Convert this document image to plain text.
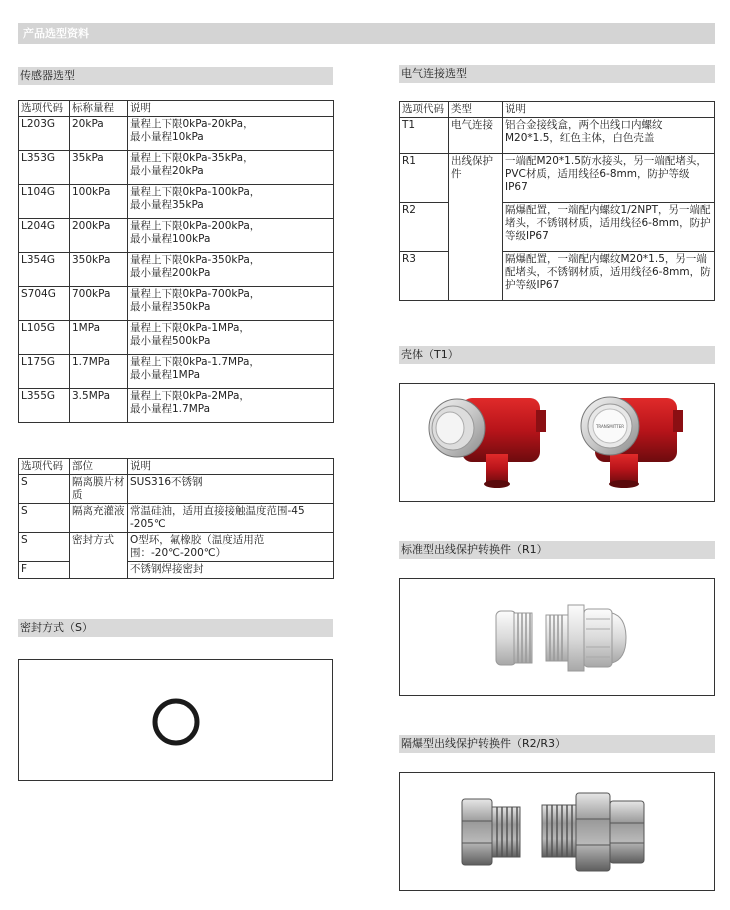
产品选型资料
传感器选型
选项代码	标称量程	说明
L203G	20kPa	量程上下限0kPa-20kPa，
最小量程10kPa

L353G	35kPa	量程上下限0kPa-35kPa，
最小量程20kPa

L104G	100kPa	量程上下限0kPa-100kPa，
最小量程35kPa

L204G	200kPa	量程上下限0kPa-200kPa，
最小量程100kPa

L354G	350kPa	量程上下限0kPa-350kPa，
最小量程200kPa

S704G	700kPa	量程上下限0kPa-700kPa，
最小量程350kPa

L105G	1MPa	量程上下限0kPa-1MPa，
最小量程500kPa

L175G	1.7MPa	量程上下限0kPa-1.7MPa，
最小量程1MPa

L355G	3.5MPa	量程上下限0kPa-2MPa，
最小量程1.7MPa
选项代码	部位	说明
S	隔离膜片材质	SUS316不锈钢
S	隔离充灌液	常温硅油，适用直接接触温度范围-45 -205℃
S	密封方式	O型环，氟橡胶（温度适用范围：-20℃-200℃）
F		不锈钢焊接密封
密封方式（S）
电气连接选型
选项代码	类型	说明
T1	电气连接	铝合金接线盒，两个出线口内螺纹M20*1.5，红色主体，白色壳盖
R1	出线保护件	一端配M20*1.5防水接头，另一端配堵头，PVC材质，适用线径6-8mm，防护等级IP67
R2		隔爆配置，一端配内螺纹1/2NPT，另一端配堵头，不锈钢材质，适用线径6-8mm，防护等级IP67
R3		隔爆配置，一端配内螺纹M20*1.5，另一端配堵头，不锈钢材质，适用线径6-8mm，防护等级IP67
壳体（T1）
TRANSMITTER
标准型出线保护转换件（R1）
隔爆型出线保护转换件（R2/R3）
